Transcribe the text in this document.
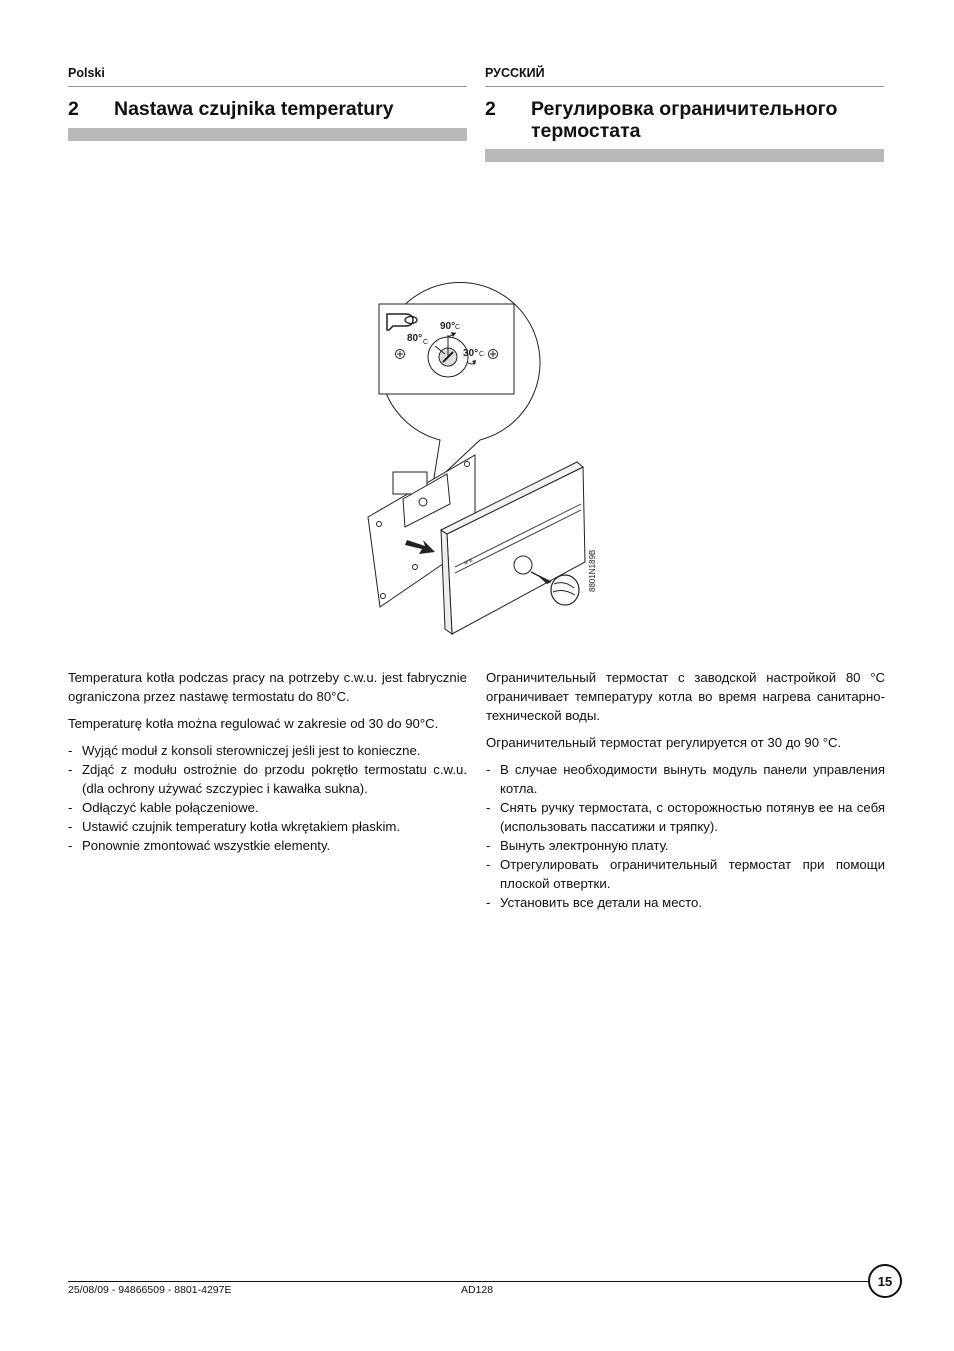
Polski
2	Nastawa czujnika temperatury
РУССКИЙ
2	Регулировка ограничительного термостата
90° C
80° C
30° C
M B	8801N189B

Temperatura kotła podczas pracy na potrzeby c.w.u. jest fabrycznie ograniczona przez nastawę termostatu do 80°C.

Temperaturę kotła można regulować w zakresie od 30 do 90°C.

- Wyjąć moduł z konsoli sterowniczej jeśli jest to konieczne.
- Zdjąć z modułu ostrożnie do przodu pokrętło termostatu c.w.u. (dla ochrony używać szczypiec i kawałka sukna).
- Odłączyć kable połączeniowe.
- Ustawić czujnik temperatury kotła wkrętakiem płaskim.
- Ponownie zmontować wszystkie elementy.

Ограничительный термостат с заводской настройкой 80 °C ограничивает температуру котла во время нагрева санитарно-технической воды.

Ограничительный термостат регулируется от 30 до 90 °C.

- В случае необходимости вынуть модуль панели управления котла.
- Снять ручку термостата, с осторожностью потянув ее на себя (использовать пассатижи и тряпку).
- Вынуть электронную плату.
- Отрегулировать ограничительный термостат при помощи плоской отвертки.
- Установить все детали на место.
25/08/09 - 94866509 - 8801-4297E	AD128
15
